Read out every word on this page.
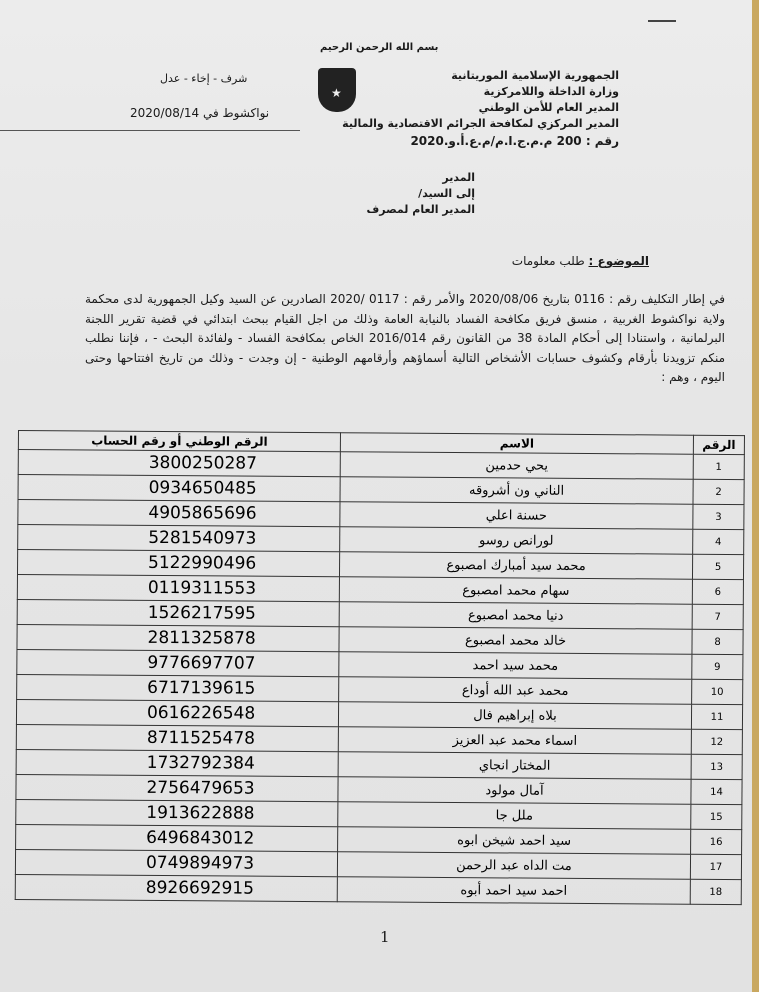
بسم الله الرحمن الرحيم
★
الجمهورية الإسلامية الموريتانية
وزارة الداخلة واللامركزية
المدير العام للأمن الوطني
المدير المركزي لمكافحة الجرائم الاقتصادية والمالية
شرف - إخاء - عدل
نواكشوط في 2020/08/14
رقم : 200 م.م.ج.ا.م/م.ع.أ.و.2020
المدير
إلى السيد/
المدير العام لمصرف
الموضوع : طلب معلومات
في إطار التكليف رقم : 0116 بتاريخ 2020/08/06 والأمر رقم : 0117 /2020 الصادرين عن السيد وكيل الجمهورية لدى محكمة ولاية نواكشوط الغربية ، منسق فريق مكافحة الفساد بالنيابة العامة وذلك من اجل القيام ببحث ابتدائي في قضية تقرير اللجنة البرلمانية ، واستنادا إلى أحكام المادة 38 من القانون رقم 2016/014 الخاص بمكافحة الفساد - ولفائدة البحث - ، فإننا نطلب منكم تزويدنا بأرقام وكشوف حسابات الأشخاص التالية أسماؤهم وأرقامهم الوطنية - إن وجدت - وذلك من تاريخ افتتاحها وحتى اليوم ، وهم :
الرقم	الاسم	الرقم الوطني أو رقم الحساب
1	يحي حدمين	3800250287
2	الناني ون أشروقه	0934650485
3	حسنة اعلي	4905865696
4	لورانص روسو	5281540973
5	محمد سيد أمبارك امصبوع	5122990496
6	سهام محمد امصبوع	0119311553
7	دنيا محمد امصبوع	1526217595
8	خالد محمد امصبوع	2811325878
9	محمد سيد احمد	9776697707
10	محمد عبد الله أوداع	6717139615
11	بلاه إبراهيم فال	0616226548
12	اسماء محمد عبد العزيز	8711525478
13	المختار انجاي	1732792384
14	آمال مولود	2756479653
15	ملل جا	1913622888
16	سيد احمد شيخن ابوه	6496843012
17	مت الداه عبد الرحمن	0749894973
18	احمد سيد احمد أبوه	8926692915
1
